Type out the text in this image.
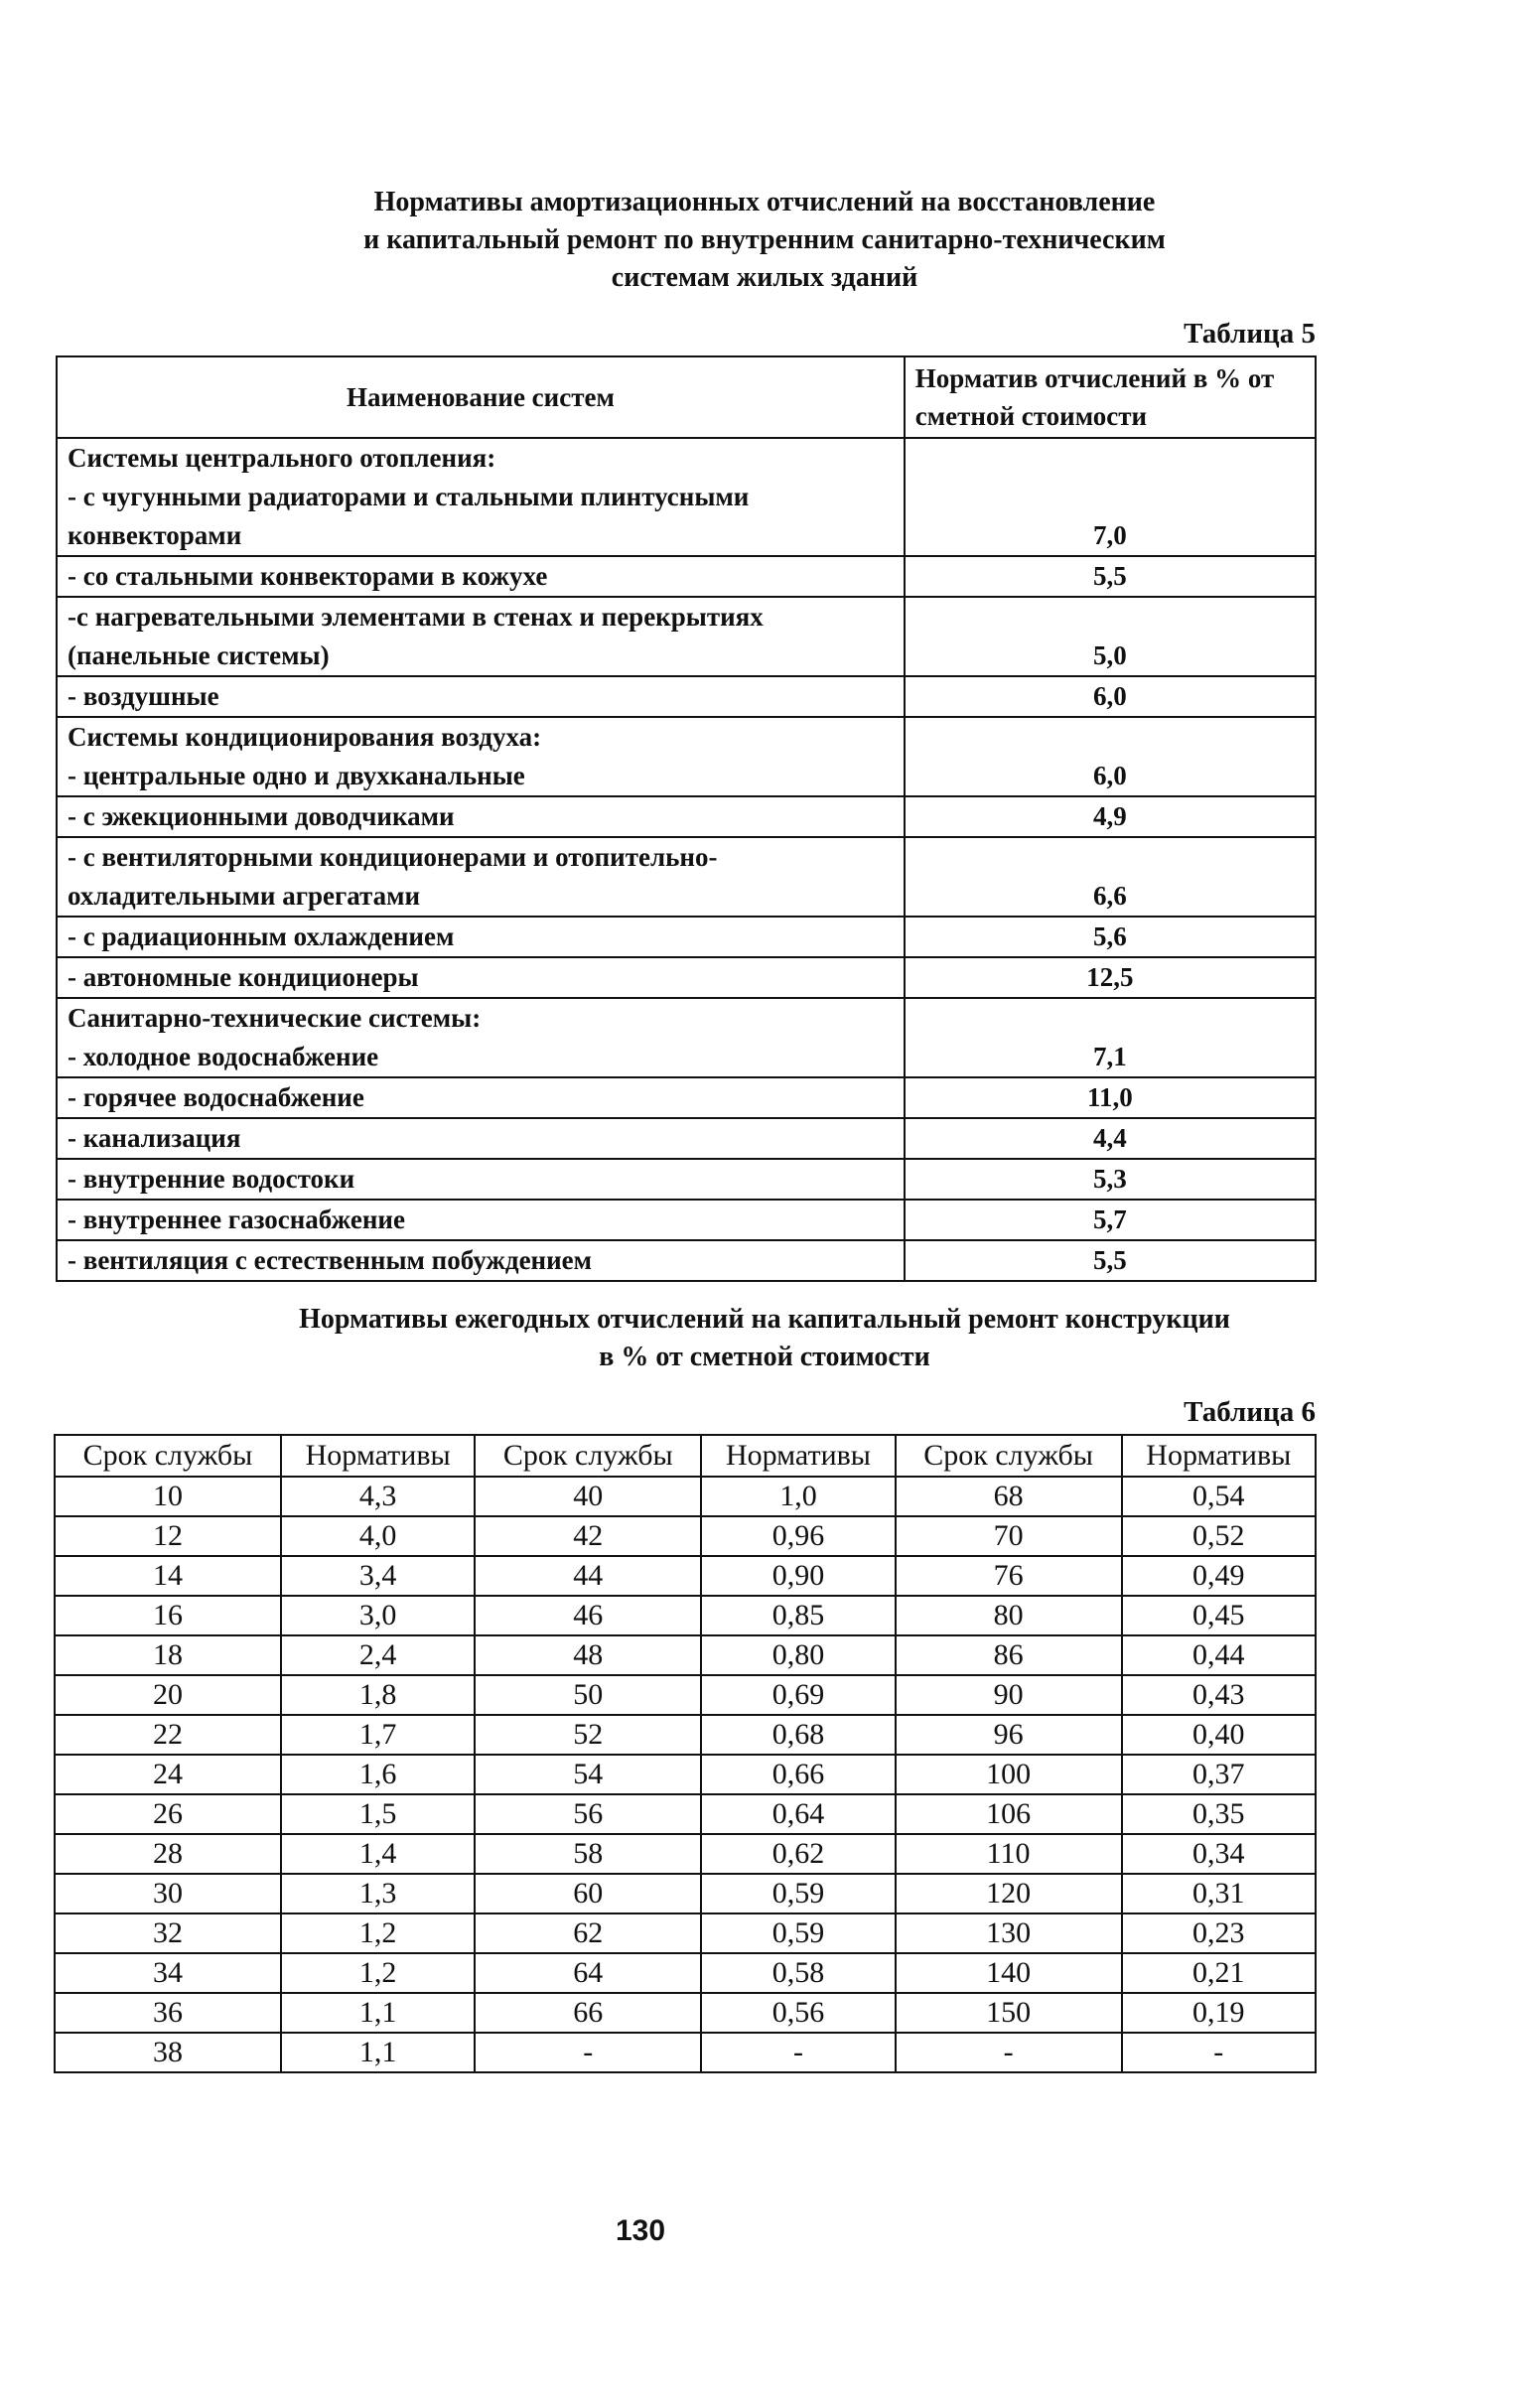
Нормативы амортизационных отчислений на восстановление
и капитальный ремонт по внутренним санитарно-техническим
системам жилых зданий
Таблица 5
Наименование систем	Норматив отчислений в % от сметной стоимости
Системы центрального отопления:
- с чугунными радиаторами и стальными плинтусными конвекторами	7,0
- со стальными конвекторами в кожухе	5,5
-с нагревательными элементами в стенах и перекрытиях (панельные системы)	5,0
- воздушные	6,0
Системы кондиционирования воздуха:
- центральные одно и двухканальные	6,0
- с эжекционными доводчиками	4,9
- с вентиляторными кондиционерами и отопительно-охладительными агрегатами	6,6
- с радиационным охлаждением	5,6
- автономные кондиционеры	12,5
Санитарно-технические системы:
- холодное водоснабжение	7,1
- горячее водоснабжение	11,0
- канализация	4,4
- внутренние водостоки	5,3
- внутреннее газоснабжение	5,7
- вентиляция с естественным побуждением	5,5
Нормативы ежегодных отчислений на капитальный ремонт конструкции
в % от сметной стоимости
Таблица 6
Срок службы	Нормативы	Срок службы	Нормативы	Срок службы	Нормативы
10	4,3	40	1,0	68	0,54
12	4,0	42	0,96	70	0,52
14	3,4	44	0,90	76	0,49
16	3,0	46	0,85	80	0,45
18	2,4	48	0,80	86	0,44
20	1,8	50	0,69	90	0,43
22	1,7	52	0,68	96	0,40
24	1,6	54	0,66	100	0,37
26	1,5	56	0,64	106	0,35
28	1,4	58	0,62	110	0,34
30	1,3	60	0,59	120	0,31
32	1,2	62	0,59	130	0,23
34	1,2	64	0,58	140	0,21
36	1,1	66	0,56	150	0,19
38	1,1	-	-	-	-
130
